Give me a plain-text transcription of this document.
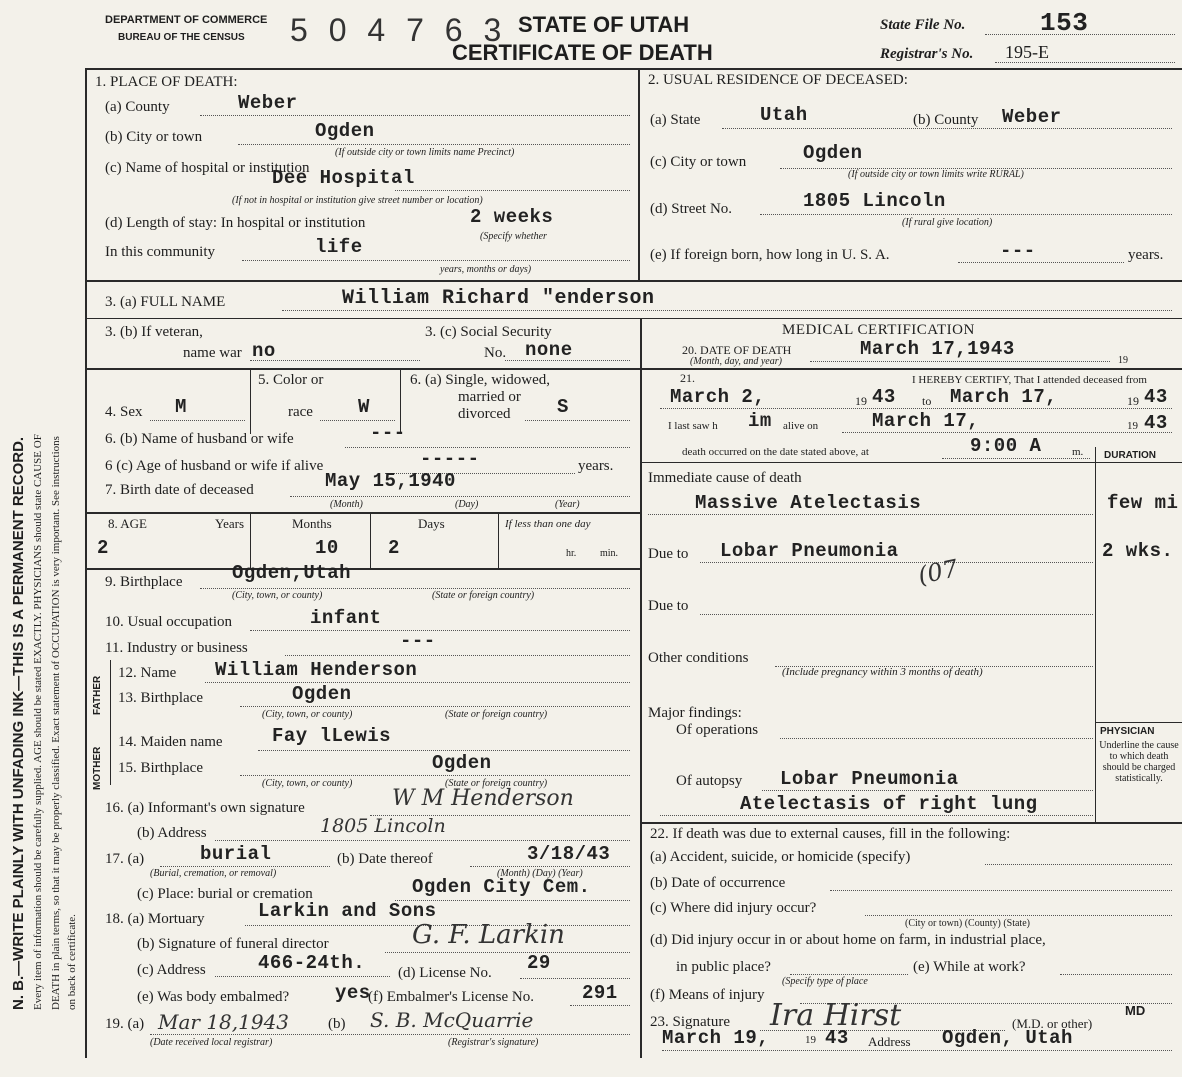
N. B.—WRITE PLAINLY WITH UNFADING INK—THIS IS A PERMANENT RECORD. Every item of information should be carefully supplied. AGE should be stated EXACTLY. PHYSICIANS should state CAUSE OF DEATH in plain terms, so that it may be properly classified. Exact statement of OCCUPATION is very important. See instructions on back of certificate.
DEPARTMENT OF COMMERCE
BUREAU OF THE CENSUS 5 0 4 7 6 3 STATE OF UTAH
CERTIFICATE OF DEATH
State File No.	153
Registrar's No. 195-E
1. PLACE OF DEATH:
(a) County	Weber
(b) City or town	Ogden
(If outside city or town limits name Precinct)
(c) Name of hospital or institution
Dee Hospital
(If not in hospital or institution give street number or location)
(d) Length of stay: In hospital or institution	2 weeks
(Specify whether
In this community	life
years, months or days)
2. USUAL RESIDENCE OF DECEASED:
(a) State	Utah	(b) County Weber
(c) City or town	Ogden
(If outside city or town limits write RURAL)
(d) Street No.	1805 Lincoln
(If rural give location)
(e) If foreign born, how long in U. S. A.	---	years.
3. (a) FULL NAME	William Richard "enderson
3. (b) If veteran,
name war no
3. (c) Social Security
No. none
4. Sex M
5. Color or
race W
6. (a) Single, widowed,
married or
divorced S
6. (b) Name of husband or wife	---
6 (c) Age of husband or wife if alive	-----	years.
7. Birth date of deceased	May 15,1940
(Month)	(Day)	(Year)
8. AGE	Years	Months	Days	If less than one day
2	10	2	hr. min.
9. Birthplace	Ogden,Utah
(City, town, or county)	(State or foreign country)
10. Usual occupation	infant
11. Industry or business	---
FATHER
MOTHER
12. Name William Henderson
13. Birthplace	Ogden
(City, town, or county)	(State or foreign country)
14. Maiden name	Fay lLewis
15. Birthplace	Ogden
(City, town, or county)	(State or foreign country)
16. (a) Informant's own signature	W M Henderson
(b) Address	1805 Lincoln
17. (a)	burial
(Burial, cremation, or removal)
(b) Date thereof	3/18/43
(Month) (Day) (Year)
(c) Place: burial or cremation	Ogden City Cem.
18. (a) Mortuary	Larkin and Sons
(b) Signature of funeral director	G. F. Larkin
(c) Address	466-24th. (d) License No. 29
(e) Was body embalmed? yes
(f) Embalmer's License No.	291
19. (a) Mar 18,1943	(b) S. B. McQuarrie
(Date received local registrar)	(Registrar's signature)
MEDICAL CERTIFICATION
20. DATE OF DEATH
(Month, day, and year)
March 17,1943
19
21.	I HEREBY CERTIFY, That I attended deceased from
March 2,	19 43 to March 17,	19 43
I last saw h im alive on	March 17,	19 43
death occurred on the date stated above, at	9:00 A	m. DURATION
Immediate cause of death
Massive Atelectasis	few mi
Due to Lobar Pneumonia	2 wks.
(07
Due to
Other conditions
(Include pregnancy within 3 months of death)
Major findings:
Of operations
Of autopsy Lobar Pneumonia
Atelectasis of right lung
PHYSICIAN
Underline the cause to which death should be charged statistically.
22. If death was due to external causes, fill in the following:
(a) Accident, suicide, or homicide (specify)
(b) Date of occurrence
(c) Where did injury occur?
(City or town) (County) (State)
(d) Did injury occur in or about home on farm, in industrial place,
in public place?	(e) While at work?
(Specify type of place
(f) Means of injury
23. Signature Ira Hirst	MD
(M.D. or other)
March 19,	19 43 Address Ogden, Utah
